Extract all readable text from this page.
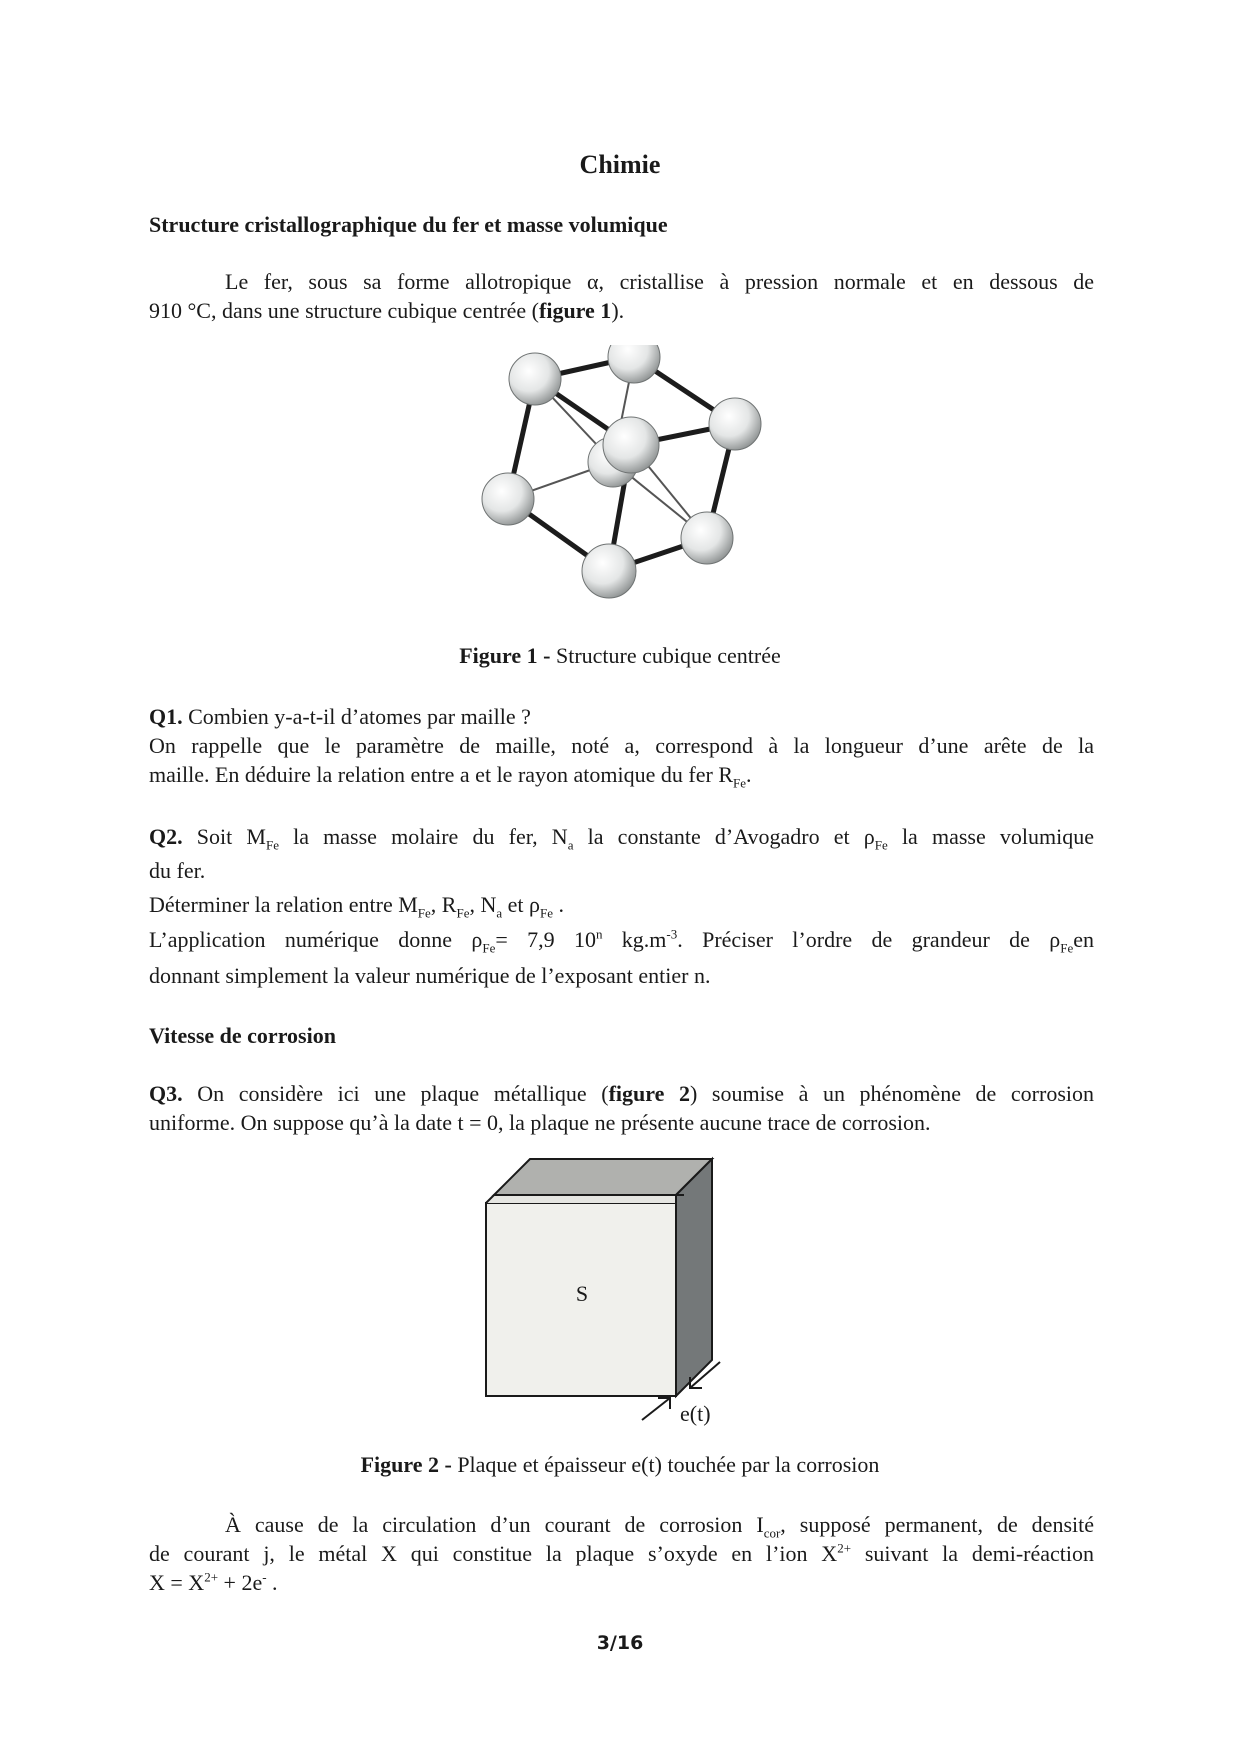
Chimie
Structure cristallographique du fer et masse volumique
Le fer, sous sa forme allotropique α, cristallise à pression normale et en dessous de
910 °C, dans une structure cubique centrée (figure 1).
Figure 1 - Structure cubique centrée
Q1. Combien y-a-t-il d’atomes par maille ?
On rappelle que le paramètre de maille, noté a, correspond à la longueur d’une arête de la
maille. En déduire la relation entre a et le rayon atomique du fer $R_{Fe}$.
Q2. Soit $M_{Fe}$ la masse molaire du fer, $N_a$ la constante d’Avogadro et $\rho_{Fe}$ la masse volumique
du fer.
Déterminer la relation entre $M_{Fe}$, $R_{Fe}$, $N_a$ et $\rho_{Fe}$ .
L’application numérique donne $\rho_{Fe}= 7,9$ 10$^n$ $kg.m^{-3}$. Préciser l’ordre de grandeur de $\rho_{Fe}en$
donnant simplement la valeur numérique de l’exposant entier n.
Vitesse de corrosion
Q3. On considère ici une plaque métallique (figure 2) soumise à un phénomène de corrosion
uniforme. On suppose qu’à la date t = 0, la plaque ne présente aucune trace de corrosion.
S
e(t)
Figure 2 - Plaque et épaisseur e(t) touchée par la corrosion
À cause de la circulation d’un courant de corrosion $I_{cor}$, supposé permanent, de densité
de courant j, le métal X qui constitue la plaque s’oxyde en l’ion $X^{2+}$ suivant la demi-réaction
$X = X^{2+} + 2e^-$ .
3/16
